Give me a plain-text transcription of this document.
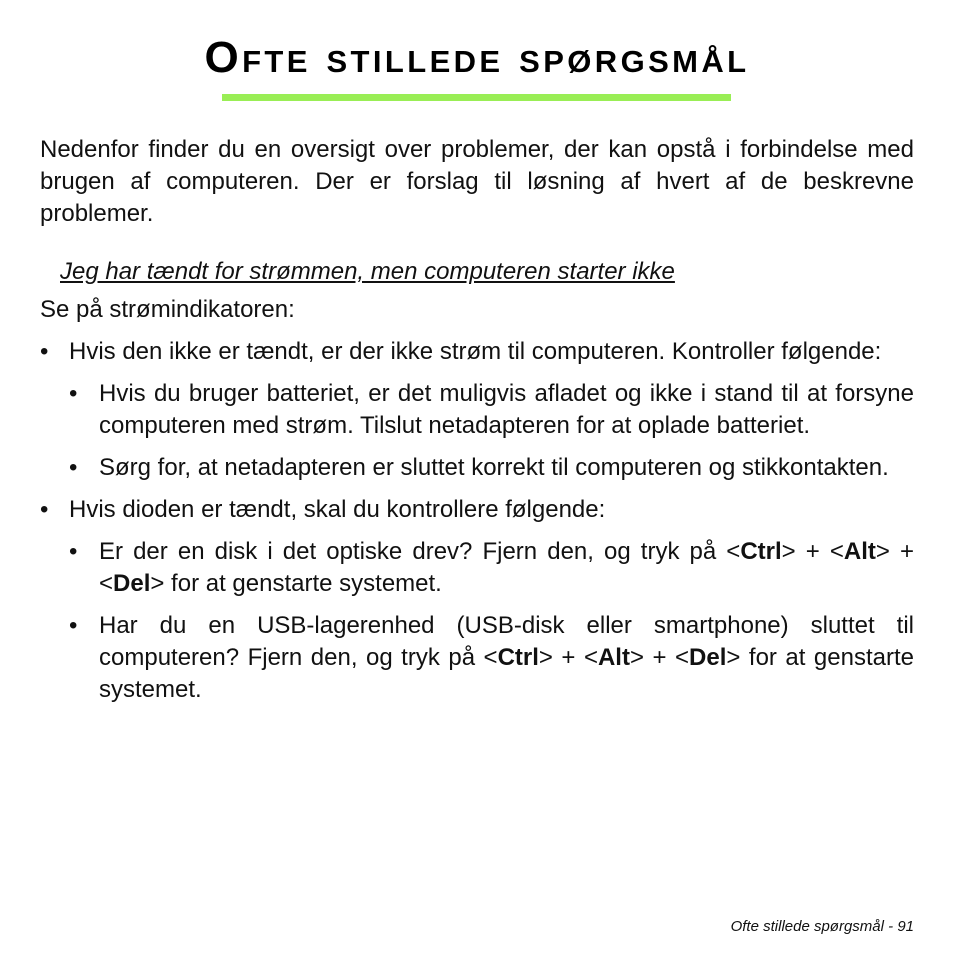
Ofte stillede spørgsmål

Nedenfor finder du en oversigt over problemer, der kan opstå i forbindelse med brugen af computeren. Der er forslag til løsning af hvert af de beskrevne problemer.

Jeg har tændt for strømmen, men computeren starter ikke

Se på strømindikatoren:

• Hvis den ikke er tændt, er der ikke strøm til computeren. Kontroller følgende:
• Hvis du bruger batteriet, er det muligvis afladet og ikke i stand til at forsyne computeren med strøm. Tilslut netadapteren for at oplade batteriet.
• Sørg for, at netadapteren er sluttet korrekt til computeren og stikkontakten.
• Hvis dioden er tændt, skal du kontrollere følgende:
• Er der en disk i det optiske drev? Fjern den, og tryk på <Ctrl> + <Alt> + <Del> for at genstarte systemet.
• Har du en USB-lagerenhed (USB-disk eller smartphone) sluttet til computeren? Fjern den, og tryk på <Ctrl> + <Alt> + <Del> for at genstarte systemet.
Ofte stillede spørgsmål - 91
